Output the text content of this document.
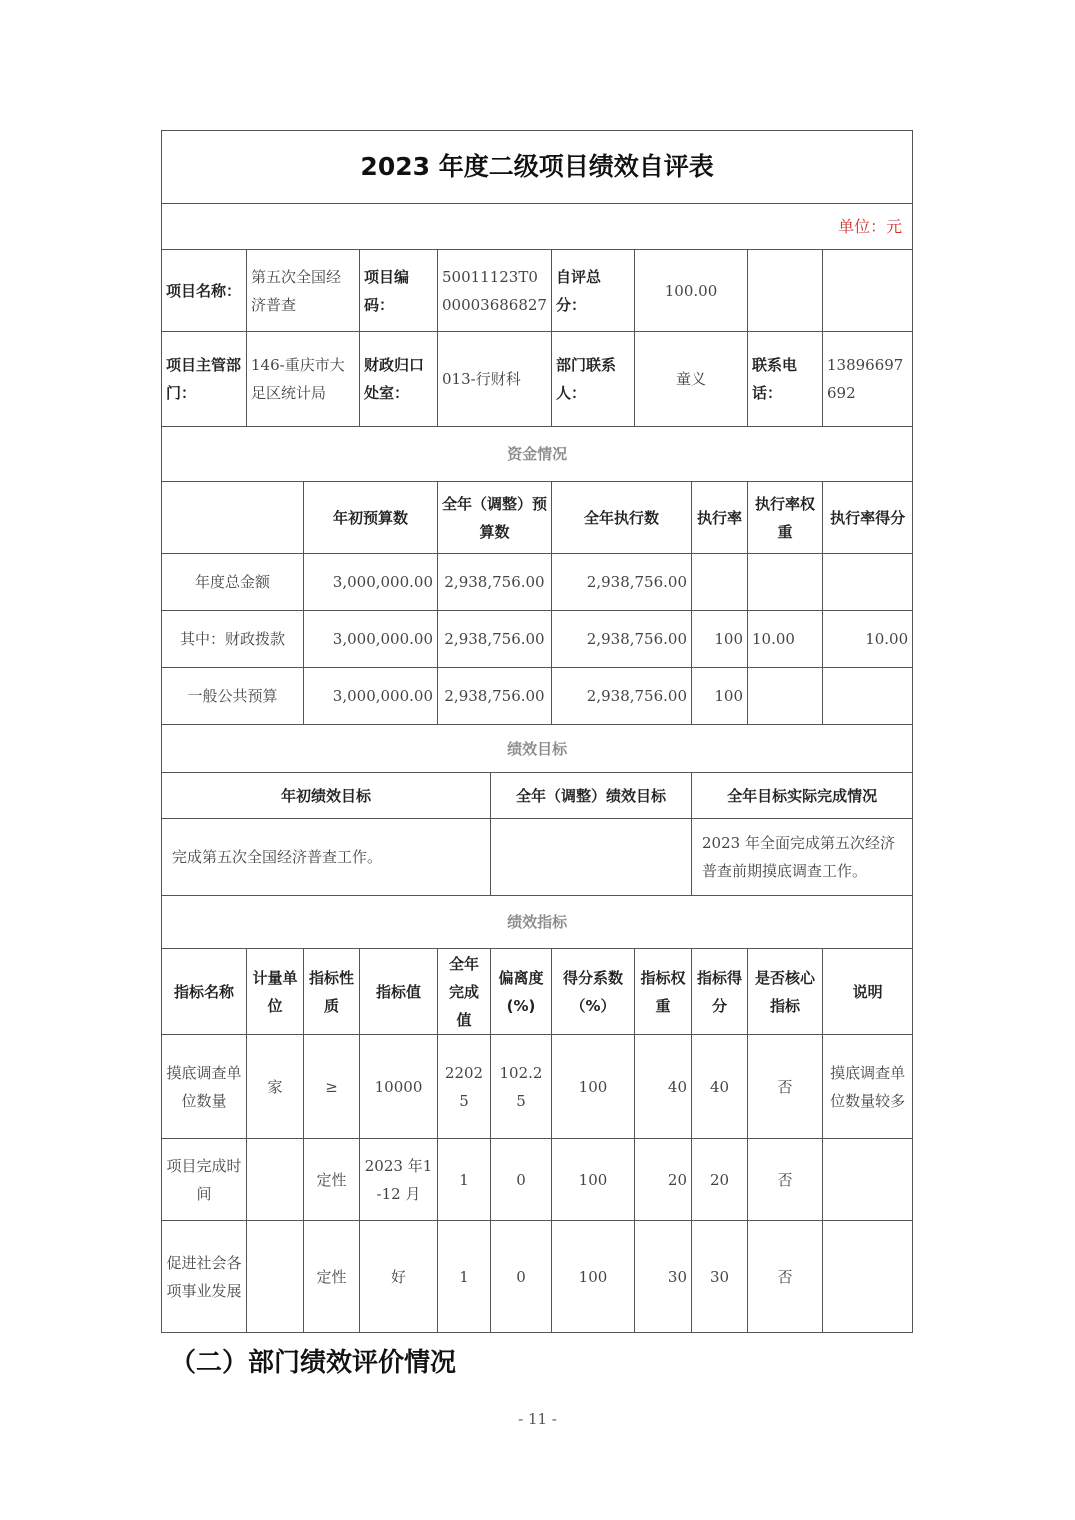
2023 年度二级项目绩效自评表										
单位：元										
项目名称：	第五次全国经济普查		项目编码：	50011123T000003686827		自评总分：	100.00			
项目主管部门：	146-重庆市大足区统计局		财政归口处室：	013-行财科		部门联系人：	童义		联系电话：	13896697692
资金情况										
		年初预算数		全年（调整）预算数		全年执行数		执行率	执行率权重	执行率得分
年度总金额		3,000,000.00		2,938,756.00		2,938,756.00				
其中：财政拨款		3,000,000.00		2,938,756.00		2,938,756.00		100	10.00	10.00
一般公共预算		3,000,000.00		2,938,756.00		2,938,756.00		100		
绩效目标										
年初绩效目标					全年（调整）绩效目标			全年目标实际完成情况		
完成第五次全国经济普查工作。								2023 年全面完成第五次经济普查前期摸底调查工作。		
绩效指标										
指标名称	计量单位	指标性质	指标值	全年完成值	偏离度(%)	得分系数（%）	指标权重	指标得分	是否核心指标	说明
摸底调查单位数量	家	≥	10000	22025	102.25	100	40	40	否	摸底调查单位数量较多
项目完成时间		定性	2023 年1-12 月	1	0	100	20	20	否	
促进社会各项事业发展		定性	好	1	0	100	30	30	否	
（二）部门绩效评价情况
- 11 -
